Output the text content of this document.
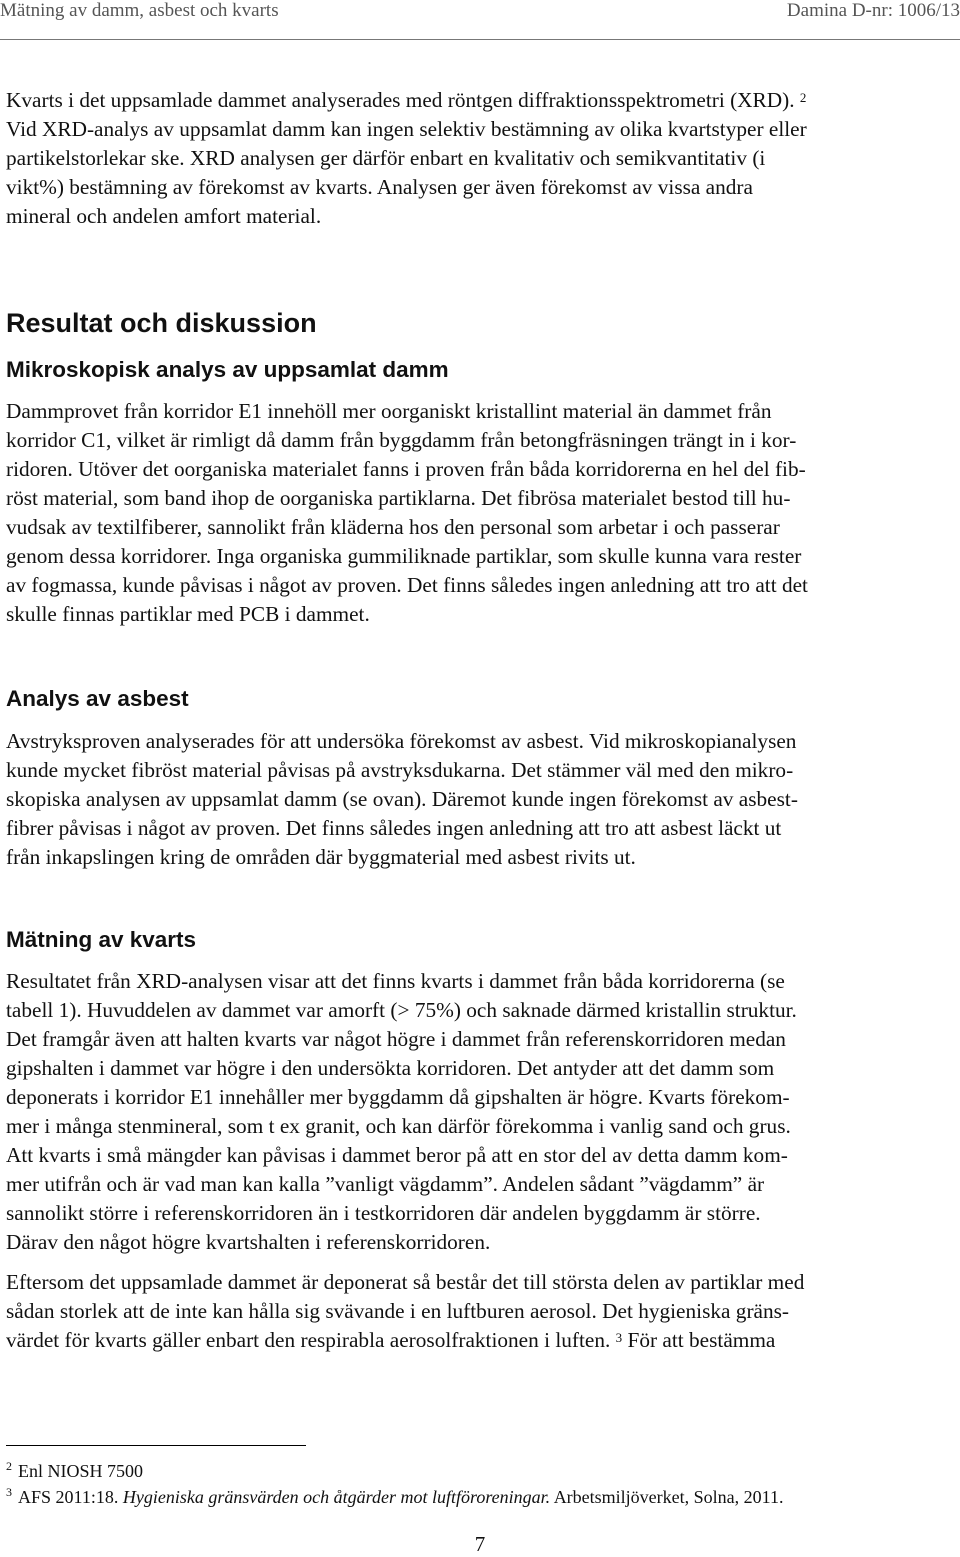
Mätning av damm, asbest och kvarts	Damina D-nr: 1006/13
Kvarts i det uppsamlade dammet analyserades med röntgen diffraktionsspektrometri (XRD). $^2$
Vid XRD-analys av uppsamlat damm kan ingen selektiv bestämning av olika kvartstyper eller
partikelstorlekar ske. XRD analysen ger därför enbart en kvalitativ och semikvantitativ (i
vikt%) bestämning av förekomst av kvarts. Analysen ger även förekomst av vissa andra
mineral och andelen amfort material.
Resultat och diskussion
Mikroskopisk analys av uppsamlat damm
Dammprovet från korridor E1 innehöll mer oorganiskt kristallint material än dammet från
korridor C1, vilket är rimligt då damm från byggdamm från betongfräsningen trängt in i kor-
ridoren. Utöver det oorganiska materialet fanns i proven från båda korridorerna en hel del fib-
röst material, som band ihop de oorganiska partiklarna. Det fibrösa materialet bestod till hu-
vudsak av textilfiberer, sannolikt från kläderna hos den personal som arbetar i och passerar
genom dessa korridorer. Inga organiska gummiliknade partiklar, som skulle kunna vara rester
av fogmassa, kunde påvisas i något av proven. Det finns således ingen anledning att tro att det
skulle finnas partiklar med PCB i dammet.
Analys av asbest
Avstryksproven analyserades för att undersöka förekomst av asbest. Vid mikroskopianalysen
kunde mycket fibröst material påvisas på avstryksdukarna. Det stämmer väl med den mikro-
skopiska analysen av uppsamlat damm (se ovan). Däremot kunde ingen förekomst av asbest-
fibrer påvisas i något av proven. Det finns således ingen anledning att tro att asbest läckt ut
från inkapslingen kring de områden där byggmaterial med asbest rivits ut.
Mätning av kvarts
Resultatet från XRD-analysen visar att det finns kvarts i dammet från båda korridorerna (se
tabell 1). Huvuddelen av dammet var amorft (> 75%) och saknade därmed kristallin struktur.
Det framgår även att halten kvarts var något högre i dammet från referenskorridoren medan
gipshalten i dammet var högre i den undersökta korridoren. Det antyder att det damm som
deponerats i korridor E1 innehåller mer byggdamm då gipshalten är högre. Kvarts förekom-
mer i många stenmineral, som t ex granit, och kan därför förekomma i vanlig sand och grus.
Att kvarts i små mängder kan påvisas i dammet beror på att en stor del av detta damm kom-
mer utifrån och är vad man kan kalla ”vanligt vägdamm”. Andelen sådant ”vägdamm” är
sannolikt större i referenskorridoren än i testkorridoren där andelen byggdamm är större.
Därav den något högre kvartshalten i referenskorridoren.
Eftersom det uppsamlade dammet är deponerat så består det till största delen av partiklar med
sådan storlek att de inte kan hålla sig svävande i en luftburen aerosol. Det hygieniska gräns-
värdet för kvarts gäller enbart den respirabla aerosolfraktionen i luften. $^3$ För att bestämma
$^2$ Enl NIOSH 7500
$^3$ AFS 2011:18. Hygieniska gränsvärden och åtgärder mot luftföroreningar. Arbetsmiljöverket, Solna, 2011.
7
